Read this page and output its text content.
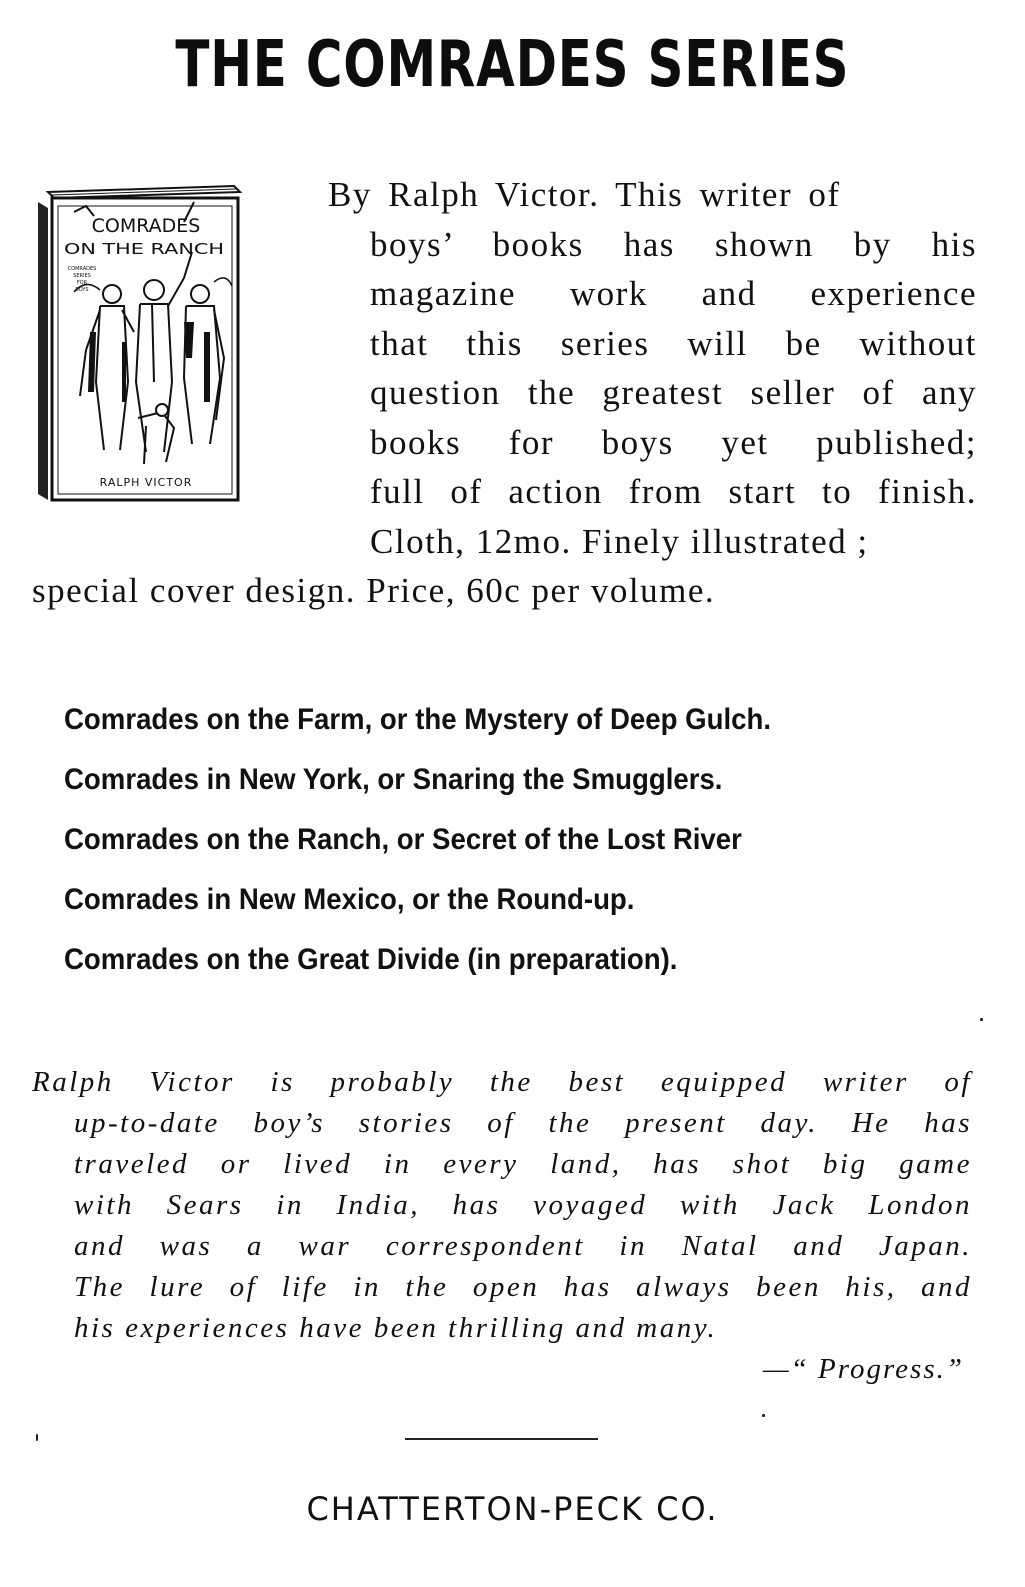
THE COMRADES SERIES
COMRADES
ON THE RANCH
COMRADES
SERIES
FOR
BOYS
RALPH VICTOR
By Ralph Victor. This writer of
boys’ books has shown by his
magazine work and experience
that this series will be without
question the greatest seller of any
books for boys yet published;
full of action from start to finish.
Cloth, 12mo. Finely illustrated ;
special cover design. Price, 60c per volume.
Comrades on the Farm, or the Mystery of Deep Gulch.
Comrades in New York, or Snaring the Smugglers.
Comrades on the Ranch, or Secret of the Lost River
Comrades in New Mexico, or the Round-up.
Comrades on the Great Divide (in preparation).
Ralph Victor is probably the best equipped writer of
up-to-date boy’s stories of the present day. He has
traveled or lived in every land, has shot big game
with Sears in India, has voyaged with Jack London
and was a war correspondent in Natal and Japan.
The lure of life in the open has always been his, and
his experiences have been thrilling and many.
—“ Progress.”
CHATTERTON-PECK CO.
